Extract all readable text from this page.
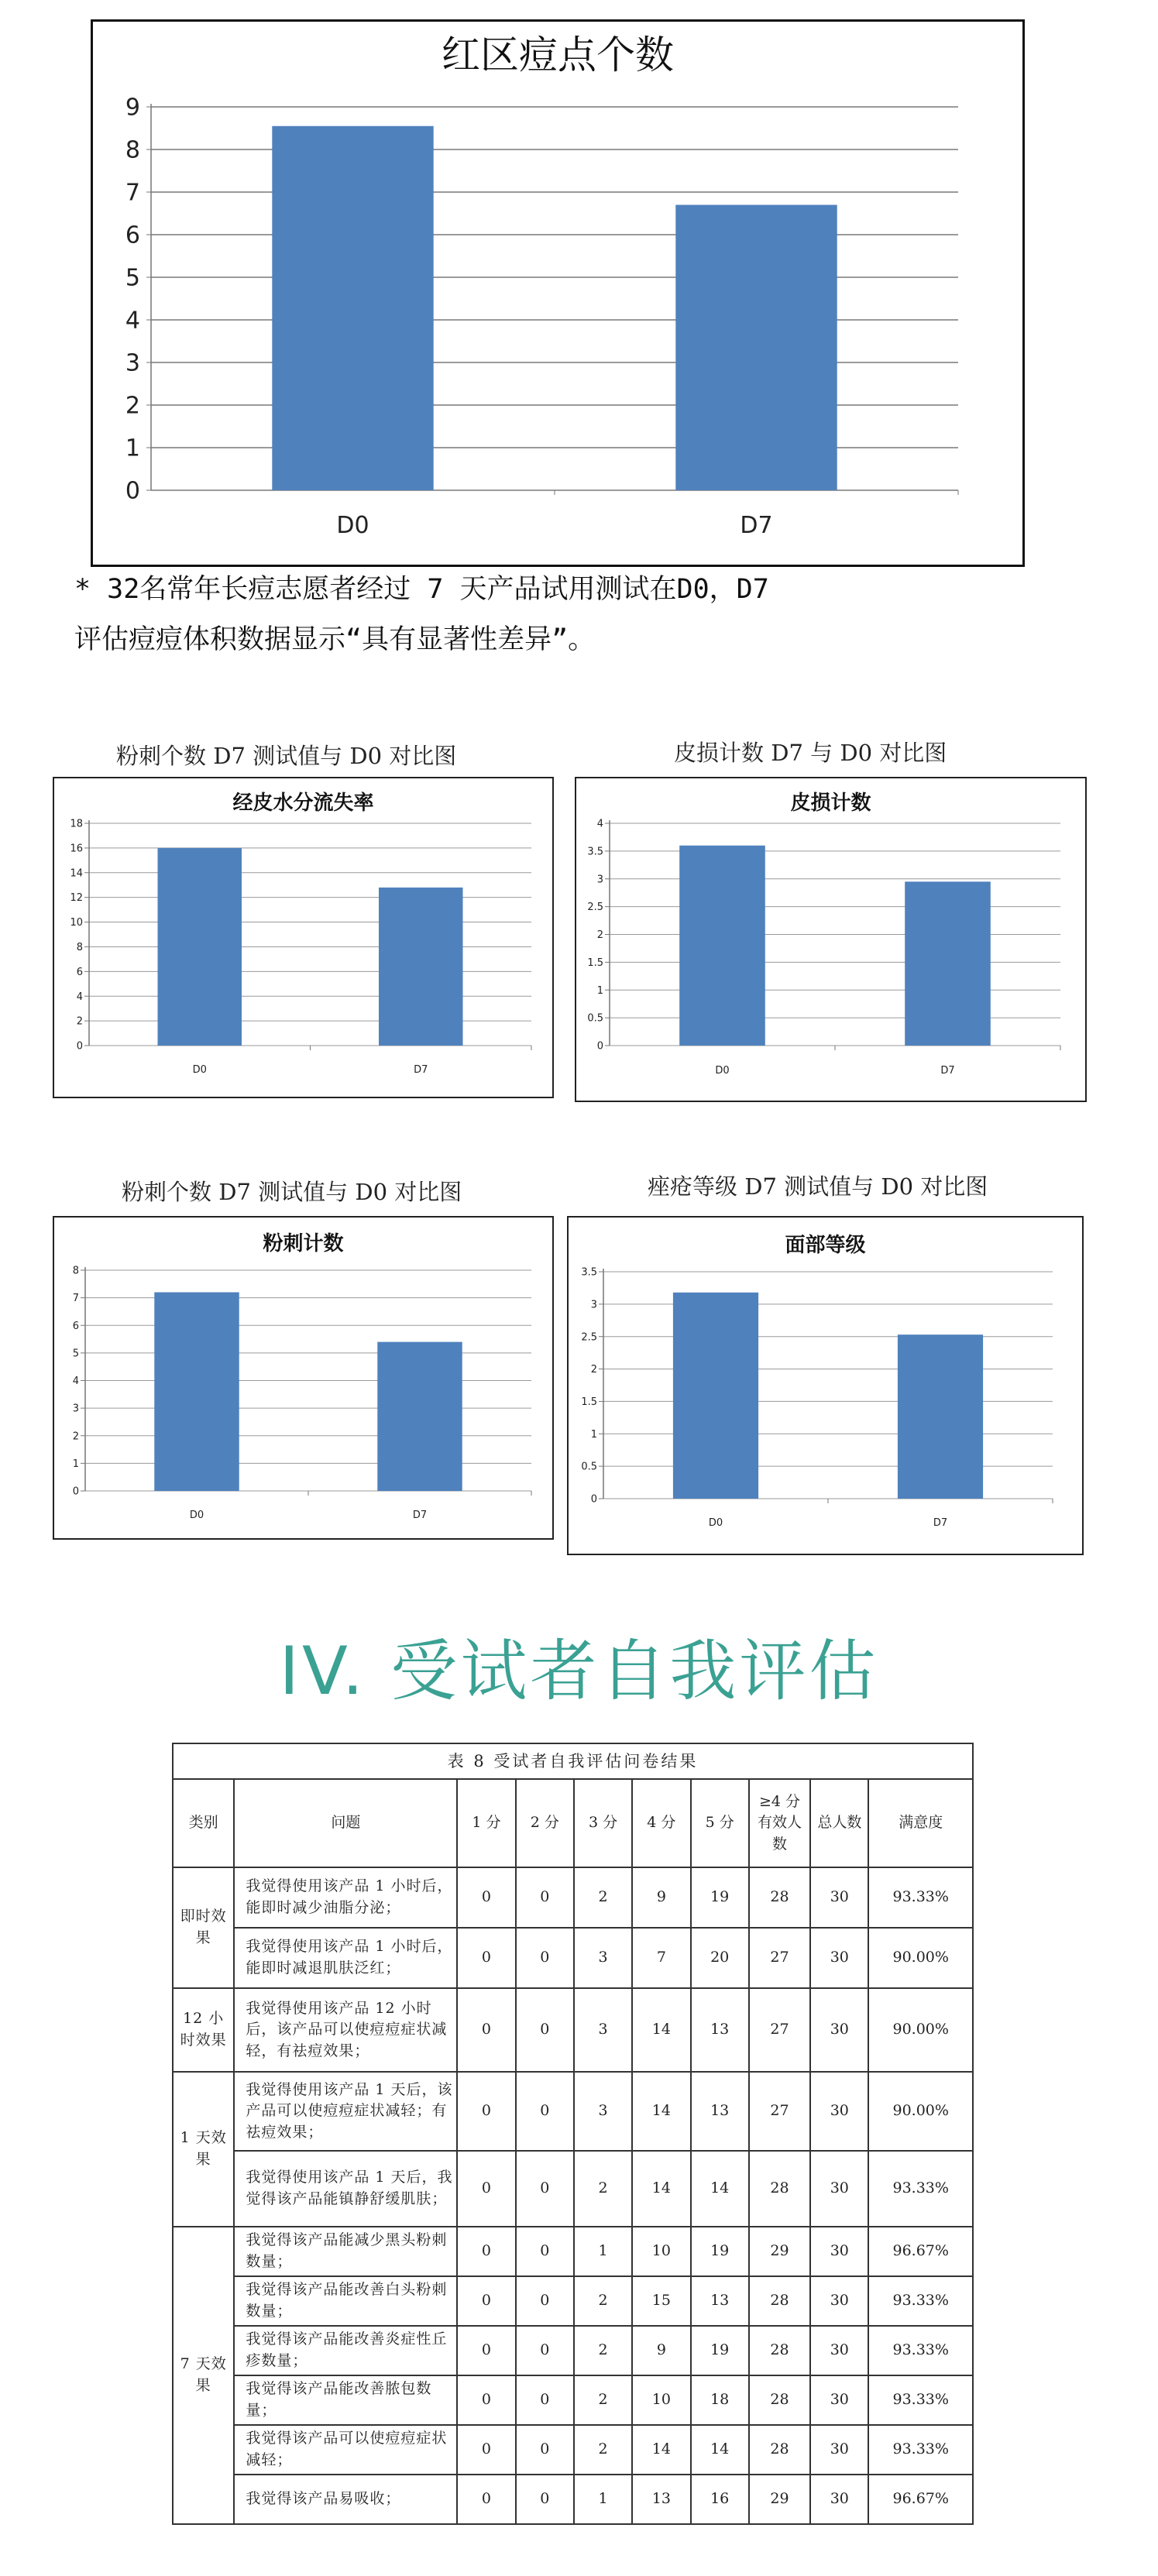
红区痘点个数
0
1
2
3
4
5
6
7
8
9
D0	D7
* 32名常年长痘志愿者经过 7 天产品试用测试在D0，D7
评估痘痘体积数据显示“具有显著性差异”。
粉刺个数 D7 测试值与 D0 对比图
经皮水分流失率
0
2
4
6
8
10
12
14
16
18
D0	D7
皮损计数 D7 与 D0 对比图
皮损计数
0
0.5
1
1.5
2
2.5
3
3.5
4
D0	D7
粉刺个数 D7 测试值与 D0 对比图
粉刺计数
0
1
2
3
4
5
6
7
8
D0	D7
痤疮等级 D7 测试值与 D0 对比图
面部等级
0
0.5
1
1.5
2
2.5
3
3.5
D0	D7
IV. 受试者自我评估
表 8 受试者自我评估问卷结果									
类别	问题	1 分	2 分	3 分	4 分	5 分	≥4 分有效人数	总人数	满意度
即时效果	我觉得使用该产品 1 小时后，能即时减少油脂分泌；	0	0	2	9	19	28	30	93.33%
	我觉得使用该产品 1 小时后，能即时减退肌肤泛红；	0	0	3	7	20	27	30	90.00%
12 小时效果	我觉得使用该产品 12 小时后，该产品可以使痘痘症状减轻，有祛痘效果；	0	0	3	14	13	27	30	90.00%
1 天效果	我觉得使用该产品 1 天后，该产品可以使痘痘症状减轻；有祛痘效果；	0	0	3	14	13	27	30	90.00%
	我觉得使用该产品 1 天后，我觉得该产品能镇静舒缓肌肤；	0	0	2	14	14	28	30	93.33%
7 天效果	我觉得该产品能减少黑头粉刺数量；	0	0	1	10	19	29	30	96.67%
	我觉得该产品能改善白头粉刺数量；	0	0	2	15	13	28	30	93.33%
	我觉得该产品能改善炎症性丘疹数量；	0	0	2	9	19	28	30	93.33%
	我觉得该产品能改善脓包数量；	0	0	2	10	18	28	30	93.33%
	我觉得该产品可以使痘痘症状减轻；	0	0	2	14	14	28	30	93.33%
	我觉得该产品易吸收；	0	0	1	13	16	29	30	96.67%
